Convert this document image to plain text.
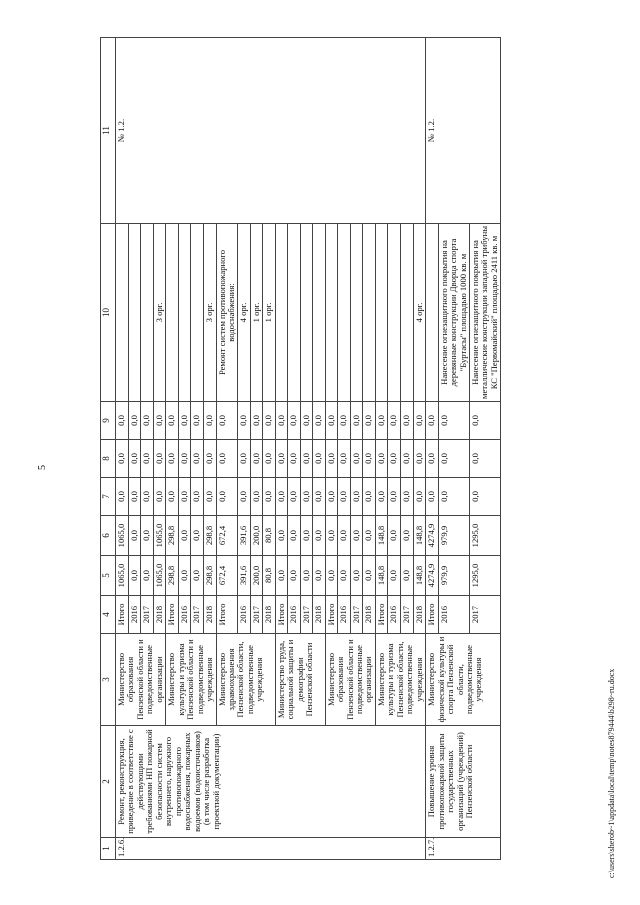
5
1	2	3	4	5	6	7	8	9	10	11
1.2.6.	Ремонт, реконструкция, приведение в соответствие с действующими требованиями НП пожарной безопасности систем внутреннего, наружного противопожарного водоснабжения, пожарных водоемов (водоисточников) (в том числе разработка проектной документации)	Министерство образования Пензенской области и подведомственные организации	Итого	1065,0	1065,0	0,0	0,0	0,0		№ 1.2.
			2016	0,0	0,0	0,0	0,0	0,0		
			2017	0,0	0,0	0,0	0,0	0,0		
			2018	1065,0	1065,0	0,0	0,0	0,0	3 орг.	
		Министерство культуры и туризма Пензенской области и подведомственные учреждения	Итого	298,8	298,8	0,0	0,0	0,0		
			2016	0,0	0,0	0,0	0,0	0,0		
			2017	0,0	0,0	0,0	0,0	0,0		
			2018	298,8	298,8	0,0	0,0	0,0	3 орг.	
		Министерство здравоохранения Пензенской области, подведомственные учреждения	Итого	672,4	672,4	0,0	0,0	0,0	Ремонт систем противопожарного водоснабжения:	
			2016	391,6	391,6	0,0	0,0	0,0	4 орг.	
			2017	200,0	200,0	0,0	0,0	0,0	1 орг.	
			2018	80,8	80,8	0,0	0,0	0,0	1 орг.	
		Министерство труда, социальной защиты и демографии Пензенской области	Итого	0,0	0,0	0,0	0,0	0,0		
			2016	0,0	0,0	0,0	0,0	0,0		
			2017	0,0	0,0	0,0	0,0	0,0		
			2018	0,0	0,0	0,0	0,0	0,0		
		Министерство образования Пензенской области и подведомственные организации	Итого	0,0	0,0	0,0	0,0	0,0		
			2016	0,0	0,0	0,0	0,0	0,0		
			2017	0,0	0,0	0,0	0,0	0,0		
			2018	0,0	0,0	0,0	0,0	0,0		
		Министерство культуры и туризма Пензенской области, подведомственные учреждения	Итого	148,8	148,8	0,0	0,0	0,0		
			2016	0,0	0,0	0,0	0,0	0,0		
			2017	0,0	0,0	0,0	0,0	0,0		
			2018	148,8	148,8	0,0	0,0	0,0	4 орг.	
1.2.7.	Повышение уровня противопожарной защиты государственных организаций (учреждений) Пензенской области	Министерство физической культуры и спорта Пензенской области, подведомственные учреждения	Итого	4274,9	4274,9	0,0	0,0	0,0		№ 1.2.
			2016	979,9	979,9	0,0	0,0	0,0	Нанесение огнезащитного покрытия на деревянные конструкции Дворца спорта "Буртасы" площадью 1000 кв. м	
			2017	1295,0	1295,0	0,0	0,0	0,0	Нанесение огнезащитного покрытия на металлические конструкции западной трибуны КС "Первомайский" площадью 2411 кв. м	
c:\users\sherob~1\appdata\local\temp\notes879444\b298~ru.docx
